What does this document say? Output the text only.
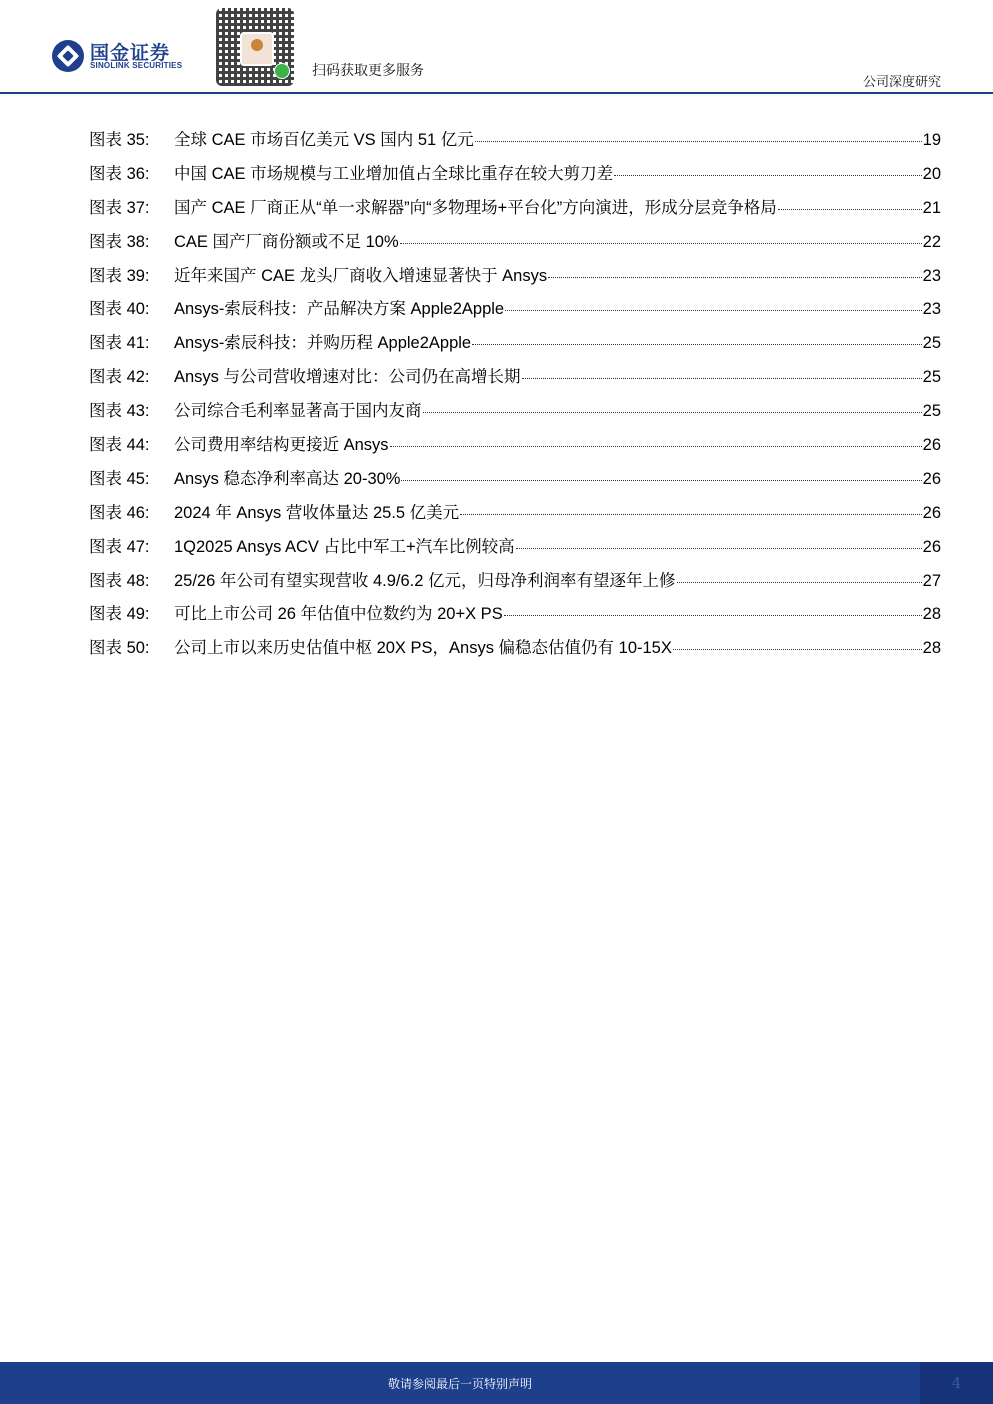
国金证券
SINOLINK SECURITIES	扫码获取更多服务
公司深度研究
图表 35:	全球 CAE 市场百亿美元 VS 国内 51 亿元	19
图表 36:	中国 CAE 市场规模与工业增加值占全球比重存在较大剪刀差	20
图表 37:	国产 CAE 厂商正从“单一求解器”向“多物理场+平台化”方向演进，形成分层竞争格局	21
图表 38:	CAE 国产厂商份额或不足 10%	22
图表 39:	近年来国产 CAE 龙头厂商收入增速显著快于 Ansys	23
图表 40:	Ansys-索辰科技：产品解决方案 Apple2Apple	23
图表 41:	Ansys-索辰科技：并购历程 Apple2Apple	25
图表 42:	Ansys 与公司营收增速对比：公司仍在高增长期	25
图表 43:	公司综合毛利率显著高于国内友商	25
图表 44:	公司费用率结构更接近 Ansys	26
图表 45:	Ansys 稳态净利率高达 20-30%	26
图表 46:	2024 年 Ansys 营收体量达 25.5 亿美元	26
图表 47:	1Q2025 Ansys ACV 占比中军工+汽车比例较高	26
图表 48:	25/26 年公司有望实现营收 4.9/6.2 亿元，归母净利润率有望逐年上修	27
图表 49:	可比上市公司 26 年估值中位数约为 20+X PS	28
图表 50:	公司上市以来历史估值中枢 20X PS，Ansys 偏稳态估值仍有 10-15X	28
敬请参阅最后一页特别声明	4
